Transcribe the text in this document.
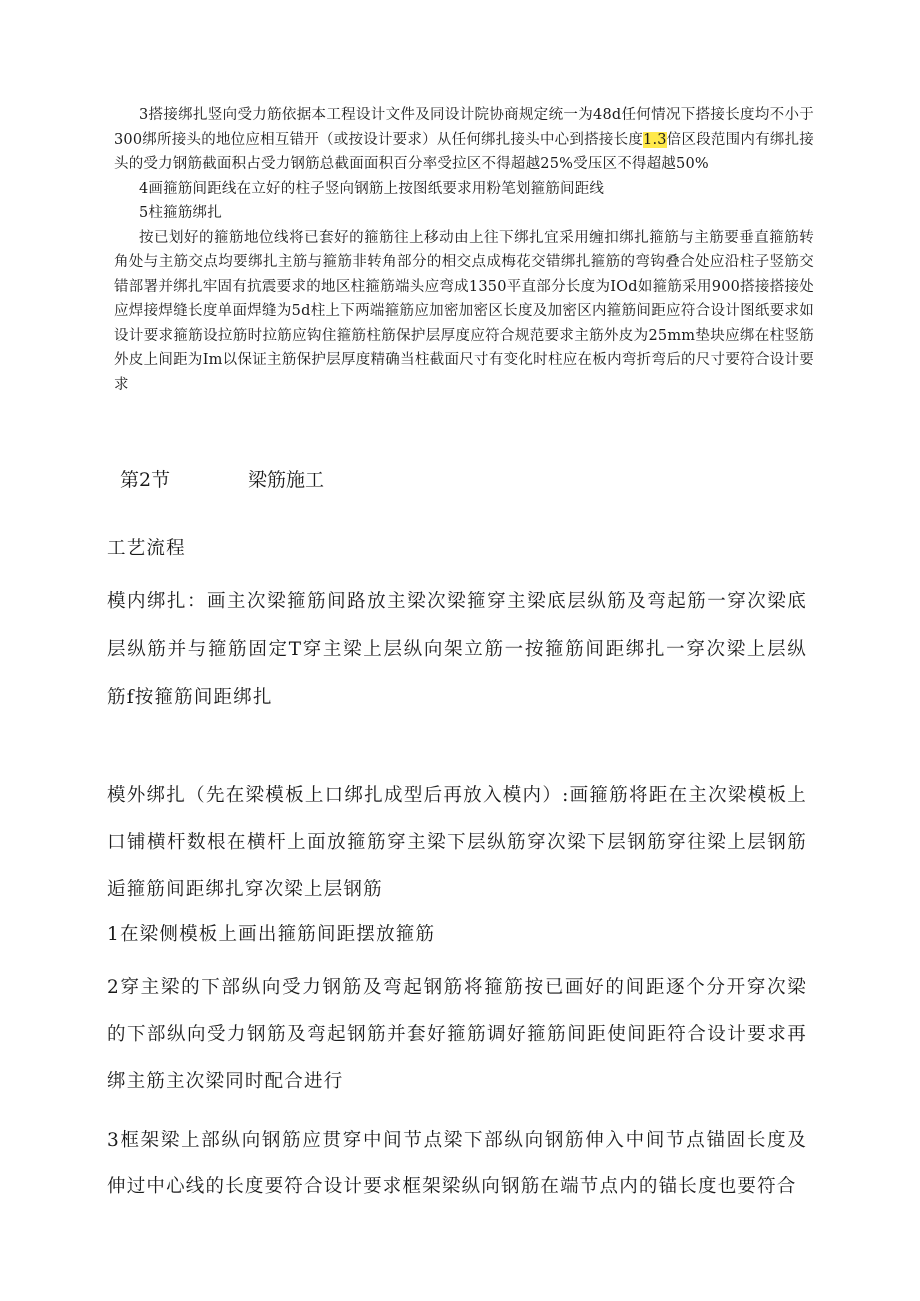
3搭接绑扎竖向受力筋依据本工程设计文件及同设计院协商规定统一为48d任何情况下搭接长度均不小于300绑所接头的地位应相互错开（或按设计要求）从任何绑扎接头中心到搭接长度1.3倍区段范围内有绑扎接头的受力钢筋截面积占受力钢筋总截面面积百分率受拉区不得超越25%受压区不得超越50%

4画箍筋间距线在立好的柱子竖向钢筋上按图纸要求用粉笔划箍筋间距线

5柱箍筋绑扎

按已划好的箍筋地位线将已套好的箍筋往上移动由上往下绑扎宜采用缠扣绑扎箍筋与主筋要垂直箍筋转角处与主筋交点均要绑扎主筋与箍筋非转角部分的相交点成梅花交错绑扎箍筋的弯钩叠合处应沿柱子竖筋交错部署并绑扎牢固有抗震要求的地区柱箍筋端头应弯成1350平直部分长度为IOd如箍筋采用900搭接搭接处应焊接焊缝长度单面焊缝为5d柱上下两端箍筋应加密加密区长度及加密区内箍筋间距应符合设计图纸要求如设计要求箍筋设拉筋时拉筋应钩住箍筋柱筋保护层厚度应符合规范要求主筋外皮为25mm垫块应绑在柱竖筋外皮上间距为Im以保证主筋保护层厚度精确当柱截面尺寸有变化时柱应在板内弯折弯后的尺寸要符合设计要求

第2节	梁筋施工

工艺流程

模内绑扎：画主次梁箍筋间路放主梁次梁箍穿主梁底层纵筋及弯起筋一穿次梁底层纵筋并与箍筋固定T穿主梁上层纵向架立筋一按箍筋间距绑扎一穿次梁上层纵筋f按箍筋间距绑扎

模外绑扎（先在梁模板上口绑扎成型后再放入模内）:画箍筋将距在主次梁模板上口铺横杆数根在横杆上面放箍筋穿主梁下层纵筋穿次梁下层钢筋穿往梁上层钢筋逅箍筋间距绑扎穿次梁上层钢筋

1在梁侧模板上画出箍筋间距摆放箍筋

2穿主梁的下部纵向受力钢筋及弯起钢筋将箍筋按已画好的间距逐个分开穿次梁的下部纵向受力钢筋及弯起钢筋并套好箍筋调好箍筋间距使间距符合设计要求再绑主筋主次梁同时配合进行

3框架梁上部纵向钢筋应贯穿中间节点梁下部纵向钢筋伸入中间节点锚固长度及伸过中心线的长度要符合设计要求框架梁纵向钢筋在端节点内的锚长度也要符合
